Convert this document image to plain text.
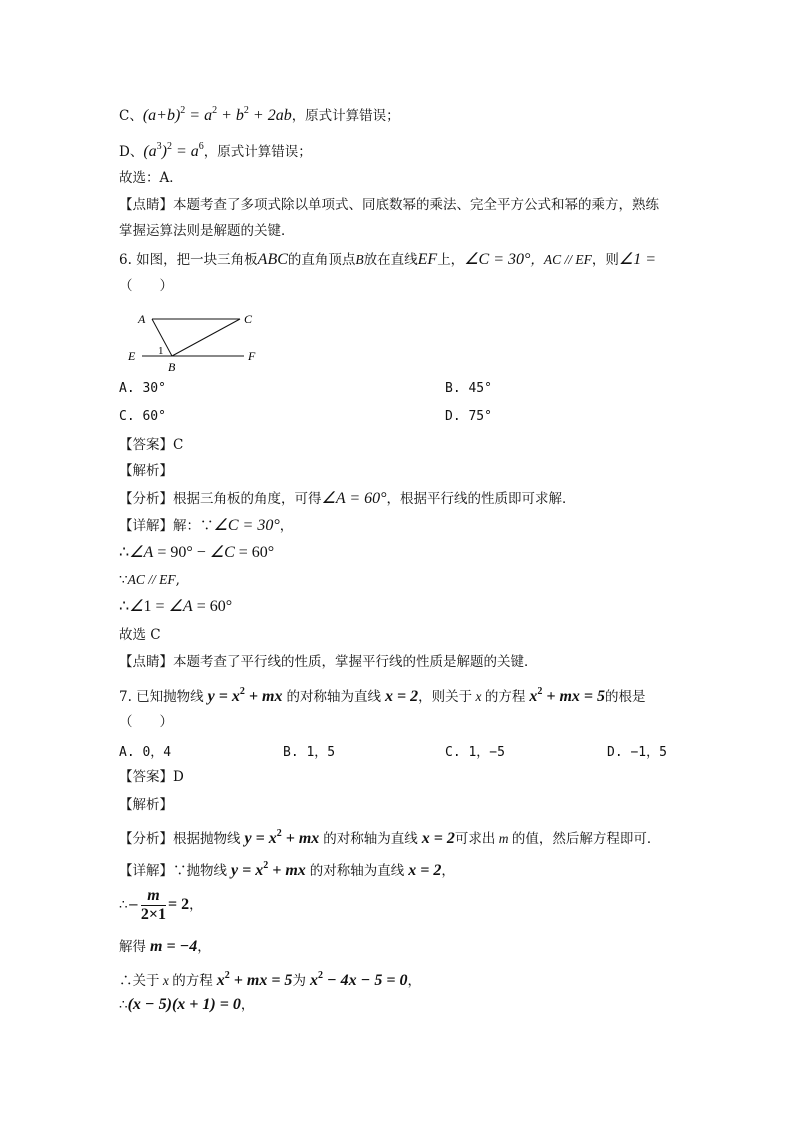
C、$(a+b)^2 = a^2 + b^2 + 2ab$，原式计算错误；
D、$(a^3)^2 = a^6$，原式计算错误；
故选：A．
【点睛】本题考查了多项式除以单项式、同底数幂的乘法、完全平方公式和幂的乘方，熟练
掌握运算法则是解题的关键．
6. 如图，把一块三角板ABC的直角顶点B放在直线EF上，∠C = 30°，AC // EF，则∠1 =
（　　）
A	C
E	F
B
1
A. 30°	B. 45°
C. 60°	D. 75°
【答案】C
【解析】
【分析】根据三角板的角度，可得∠A = 60°，根据平行线的性质即可求解．
【详解】解：∵∠C = 30°，
∴∠A = 90° − ∠C = 60°
∵AC // EF,
∴∠1 = ∠A = 60°
故选 C
【点睛】本题考查了平行线的性质，掌握平行线的性质是解题的关键．
7. 已知抛物线 $y = x^2$ + mx 的对称轴为直线 x = 2，则关于 x 的方程 $x^2$ + mx = 5的根是
（　　）
A. 0，4	B. 1，5	C. 1，−5	D. −1，5
【答案】D
【解析】
【分析】根据抛物线 $y = x^2$ + mx 的对称轴为直线 x = 2可求出 m 的值，然后解方程即可．
【详解】∵抛物线 $y = x^2$ + mx 的对称轴为直线 x = 2，
∴− $\frac{m}{2\times 1} = 2$，
解得 m = −4，
∴关于 x 的方程 $x^2$ + mx = 5为 $x^2 - 4x - 5 = 0$，
∴(x − 5)(x + 1) = 0，
